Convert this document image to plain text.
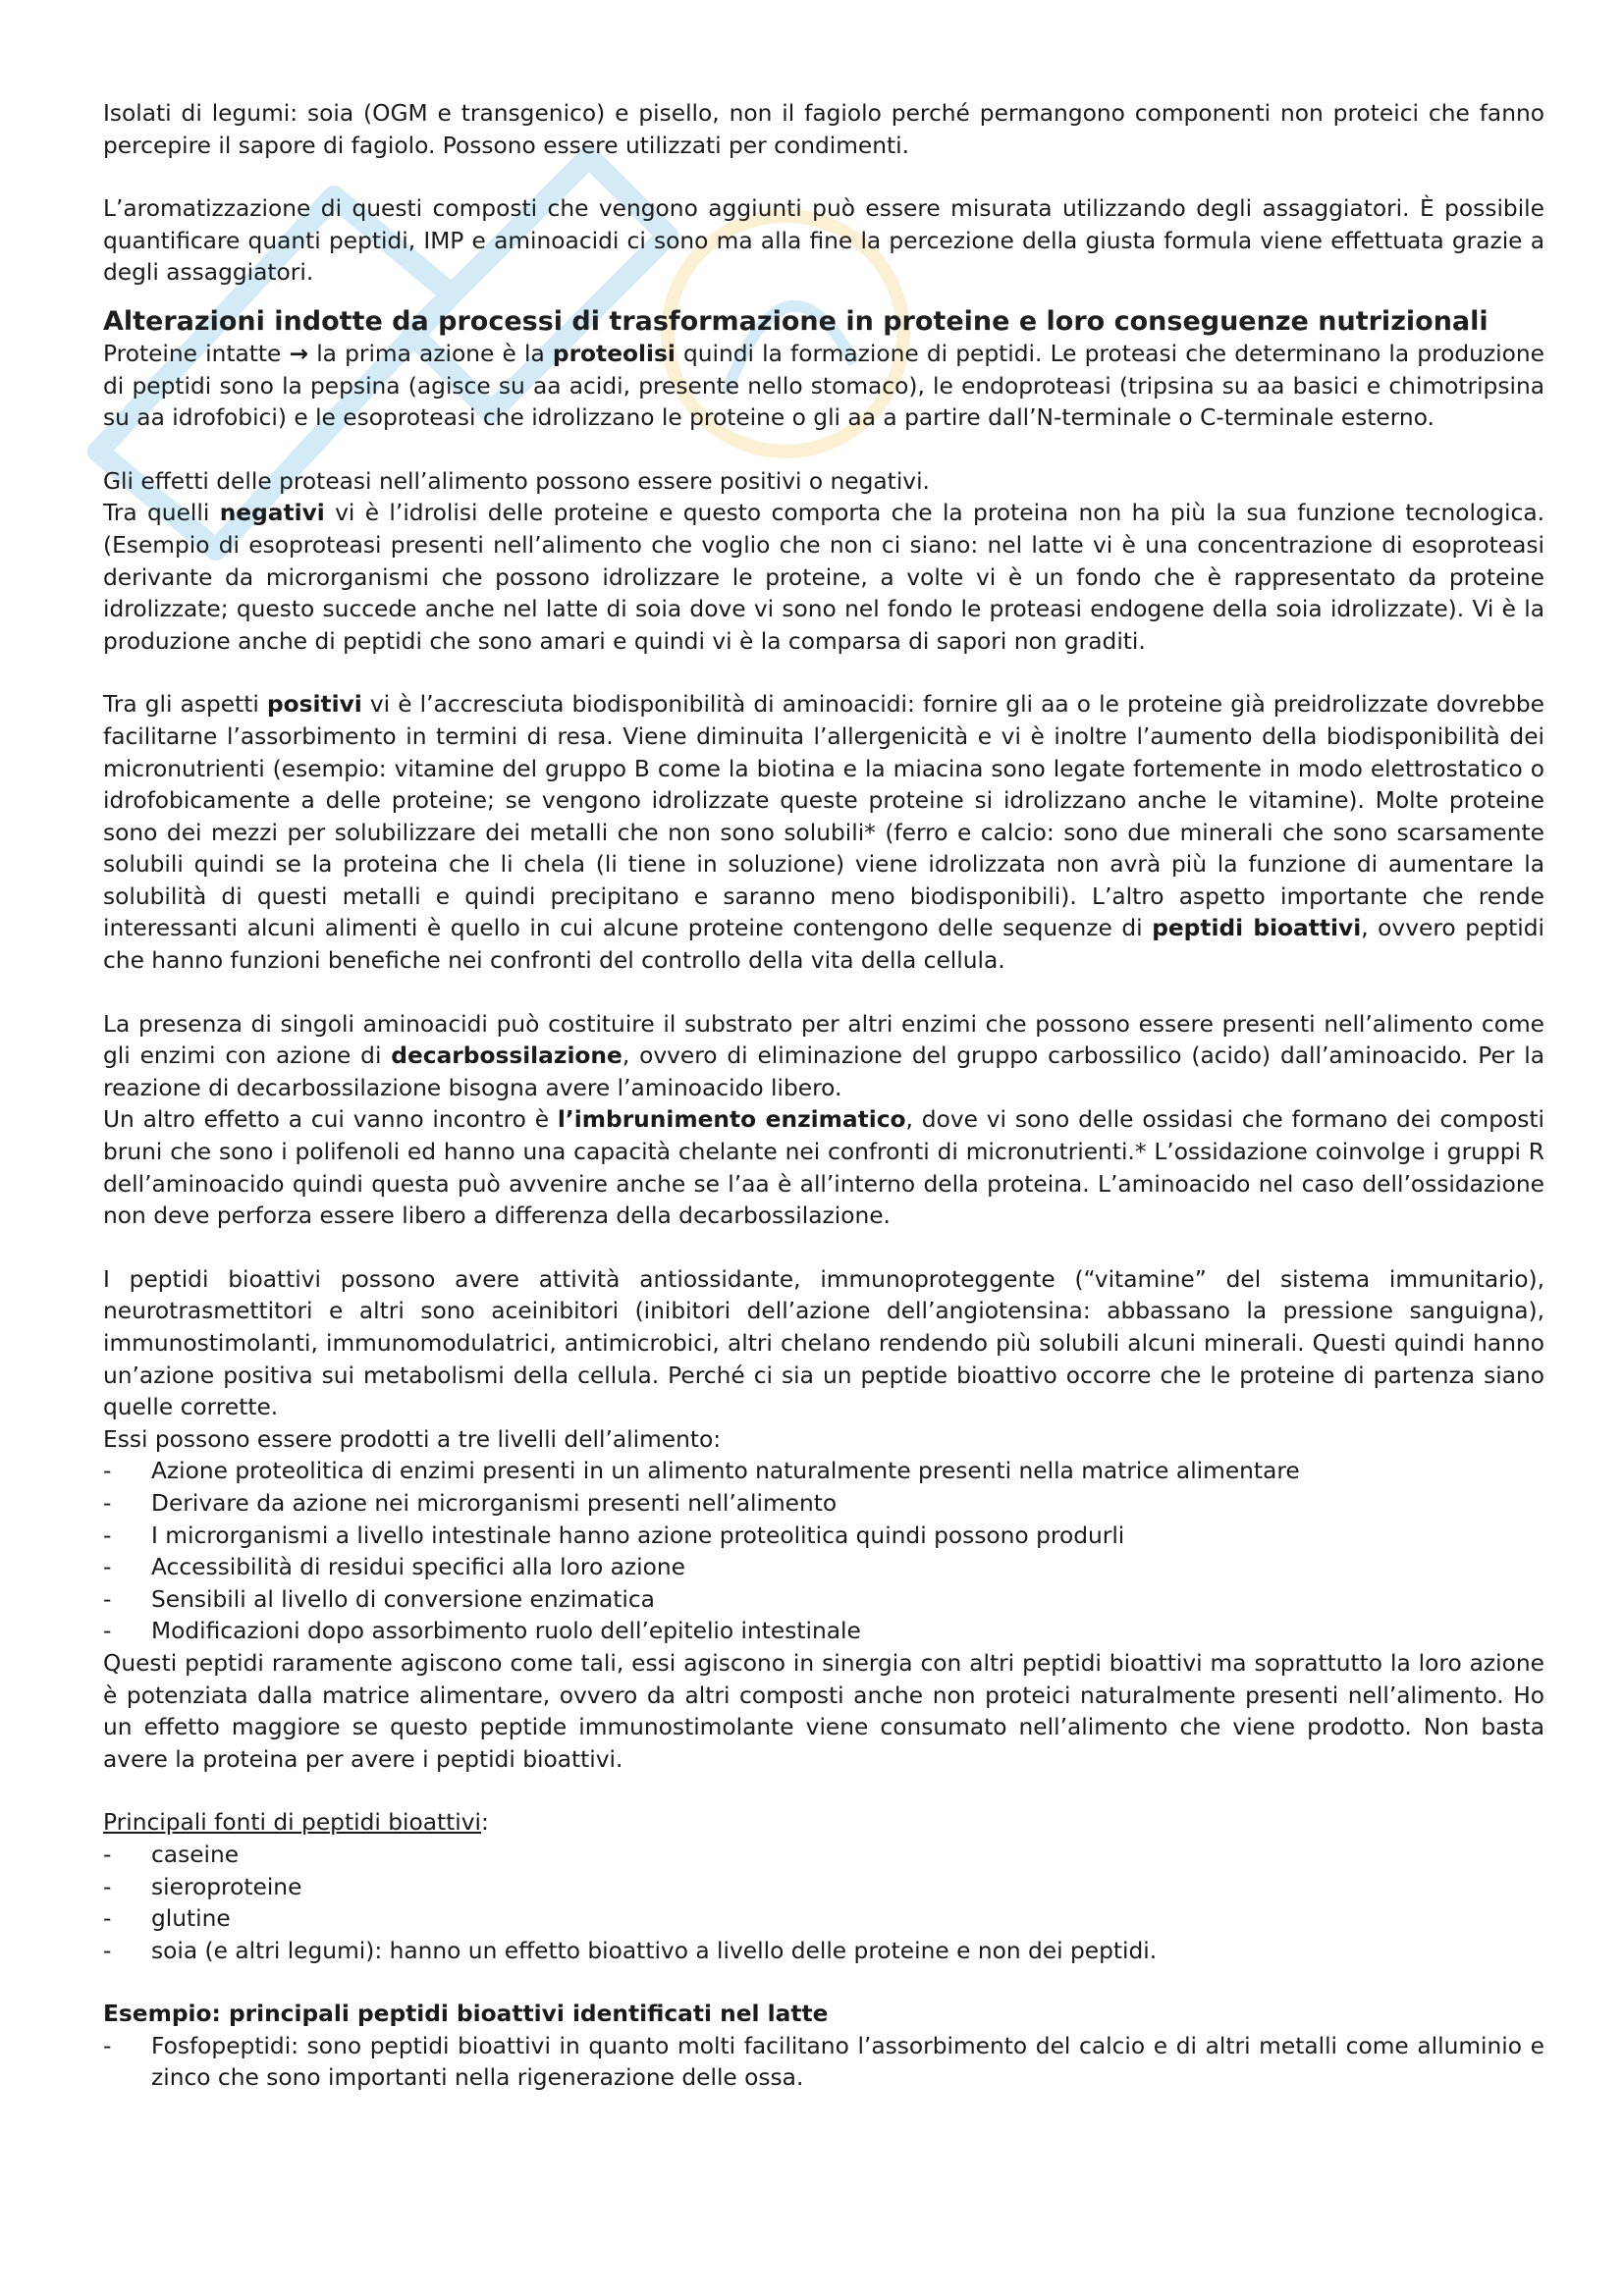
Isolati di legumi: soia (OGM e transgenico) e pisello, non il fagiolo perché permangono componenti non proteici che fanno percepire il sapore di fagiolo. Possono essere utilizzati per condimenti.

L’aromatizzazione di questi composti che vengono aggiunti può essere misurata utilizzando degli assaggiatori. È possibile quantificare quanti peptidi, IMP e aminoacidi ci sono ma alla fine la percezione della giusta formula viene effettuata grazie a degli assaggiatori.

Alterazioni indotte da processi di trasformazione in proteine e loro conseguenze nutrizionali

Proteine intatte → la prima azione è la proteolisi quindi la formazione di peptidi. Le proteasi che determinano la produzione di peptidi sono la pepsina (agisce su aa acidi, presente nello stomaco), le endoproteasi (tripsina su aa basici e chimotripsina su aa idrofobici) e le esoproteasi che idrolizzano le proteine o gli aa a partire dall’N-terminale o C-terminale esterno.

Gli effetti delle proteasi nell’alimento possono essere positivi o negativi.

Tra quelli negativi vi è l’idrolisi delle proteine e questo comporta che la proteina non ha più la sua funzione tecnologica. (Esempio di esoproteasi presenti nell’alimento che voglio che non ci siano: nel latte vi è una concentrazione di esoproteasi derivante da microrganismi che possono idrolizzare le proteine, a volte vi è un fondo che è rappresentato da proteine idrolizzate; questo succede anche nel latte di soia dove vi sono nel fondo le proteasi endogene della soia idrolizzate). Vi è la produzione anche di peptidi che sono amari e quindi vi è la comparsa di sapori non graditi.

Tra gli aspetti positivi vi è l’accresciuta biodisponibilità di aminoacidi: fornire gli aa o le proteine già preidrolizzate dovrebbe facilitarne l’assorbimento in termini di resa. Viene diminuita l’allergenicità e vi è inoltre l’aumento della biodisponibilità dei micronutrienti (esempio: vitamine del gruppo B come la biotina e la miacina sono legate fortemente in modo elettrostatico o idrofobicamente a delle proteine; se vengono idrolizzate queste proteine si idrolizzano anche le vitamine). Molte proteine sono dei mezzi per solubilizzare dei metalli che non sono solubili* (ferro e calcio: sono due minerali che sono scarsamente solubili quindi se la proteina che li chela (li tiene in soluzione) viene idrolizzata non avrà più la funzione di aumentare la solubilità di questi metalli e quindi precipitano e saranno meno biodisponibili). L’altro aspetto importante che rende interessanti alcuni alimenti è quello in cui alcune proteine contengono delle sequenze di peptidi bioattivi, ovvero peptidi che hanno funzioni benefiche nei confronti del controllo della vita della cellula.

La presenza di singoli aminoacidi può costituire il substrato per altri enzimi che possono essere presenti nell’alimento come gli enzimi con azione di decarbossilazione, ovvero di eliminazione del gruppo carbossilico (acido) dall’aminoacido. Per la reazione di decarbossilazione bisogna avere l’aminoacido libero.

Un altro effetto a cui vanno incontro è l’imbrunimento enzimatico, dove vi sono delle ossidasi che formano dei composti bruni che sono i polifenoli ed hanno una capacità chelante nei confronti di micronutrienti.* L’ossidazione coinvolge i gruppi R dell’aminoacido quindi questa può avvenire anche se l’aa è all’interno della proteina. L’aminoacido nel caso dell’ossidazione non deve perforza essere libero a differenza della decarbossilazione.

I peptidi bioattivi possono avere attività antiossidante, immunoproteggente (“vitamine” del sistema immunitario), neurotrasmettitori e altri sono aceinibitori (inibitori dell’azione dell’angiotensina: abbassano la pressione sanguigna), immunostimolanti, immunomodulatrici, antimicrobici, altri chelano rendendo più solubili alcuni minerali. Questi quindi hanno un’azione positiva sui metabolismi della cellula. Perché ci sia un peptide bioattivo occorre che le proteine di partenza siano quelle corrette.

Essi possono essere prodotti a tre livelli dell’alimento:

- Azione proteolitica di enzimi presenti in un alimento naturalmente presenti nella matrice alimentare
- Derivare da azione nei microrganismi presenti nell’alimento
- I microrganismi a livello intestinale hanno azione proteolitica quindi possono produrli
- Accessibilità di residui specifici alla loro azione
- Sensibili al livello di conversione enzimatica
- Modificazioni dopo assorbimento ruolo dell’epitelio intestinale

Questi peptidi raramente agiscono come tali, essi agiscono in sinergia con altri peptidi bioattivi ma soprattutto la loro azione è potenziata dalla matrice alimentare, ovvero da altri composti anche non proteici naturalmente presenti nell’alimento. Ho un effetto maggiore se questo peptide immunostimolante viene consumato nell’alimento che viene prodotto. Non basta avere la proteina per avere i peptidi bioattivi.

Principali fonti di peptidi bioattivi:

- caseine
- sieroproteine
- glutine
- soia (e altri legumi): hanno un effetto bioattivo a livello delle proteine e non dei peptidi.

Esempio: principali peptidi bioattivi identificati nel latte

- Fosfopeptidi: sono peptidi bioattivi in quanto molti facilitano l’assorbimento del calcio e di altri metalli come alluminio e zinco che sono importanti nella rigenerazione delle ossa.
